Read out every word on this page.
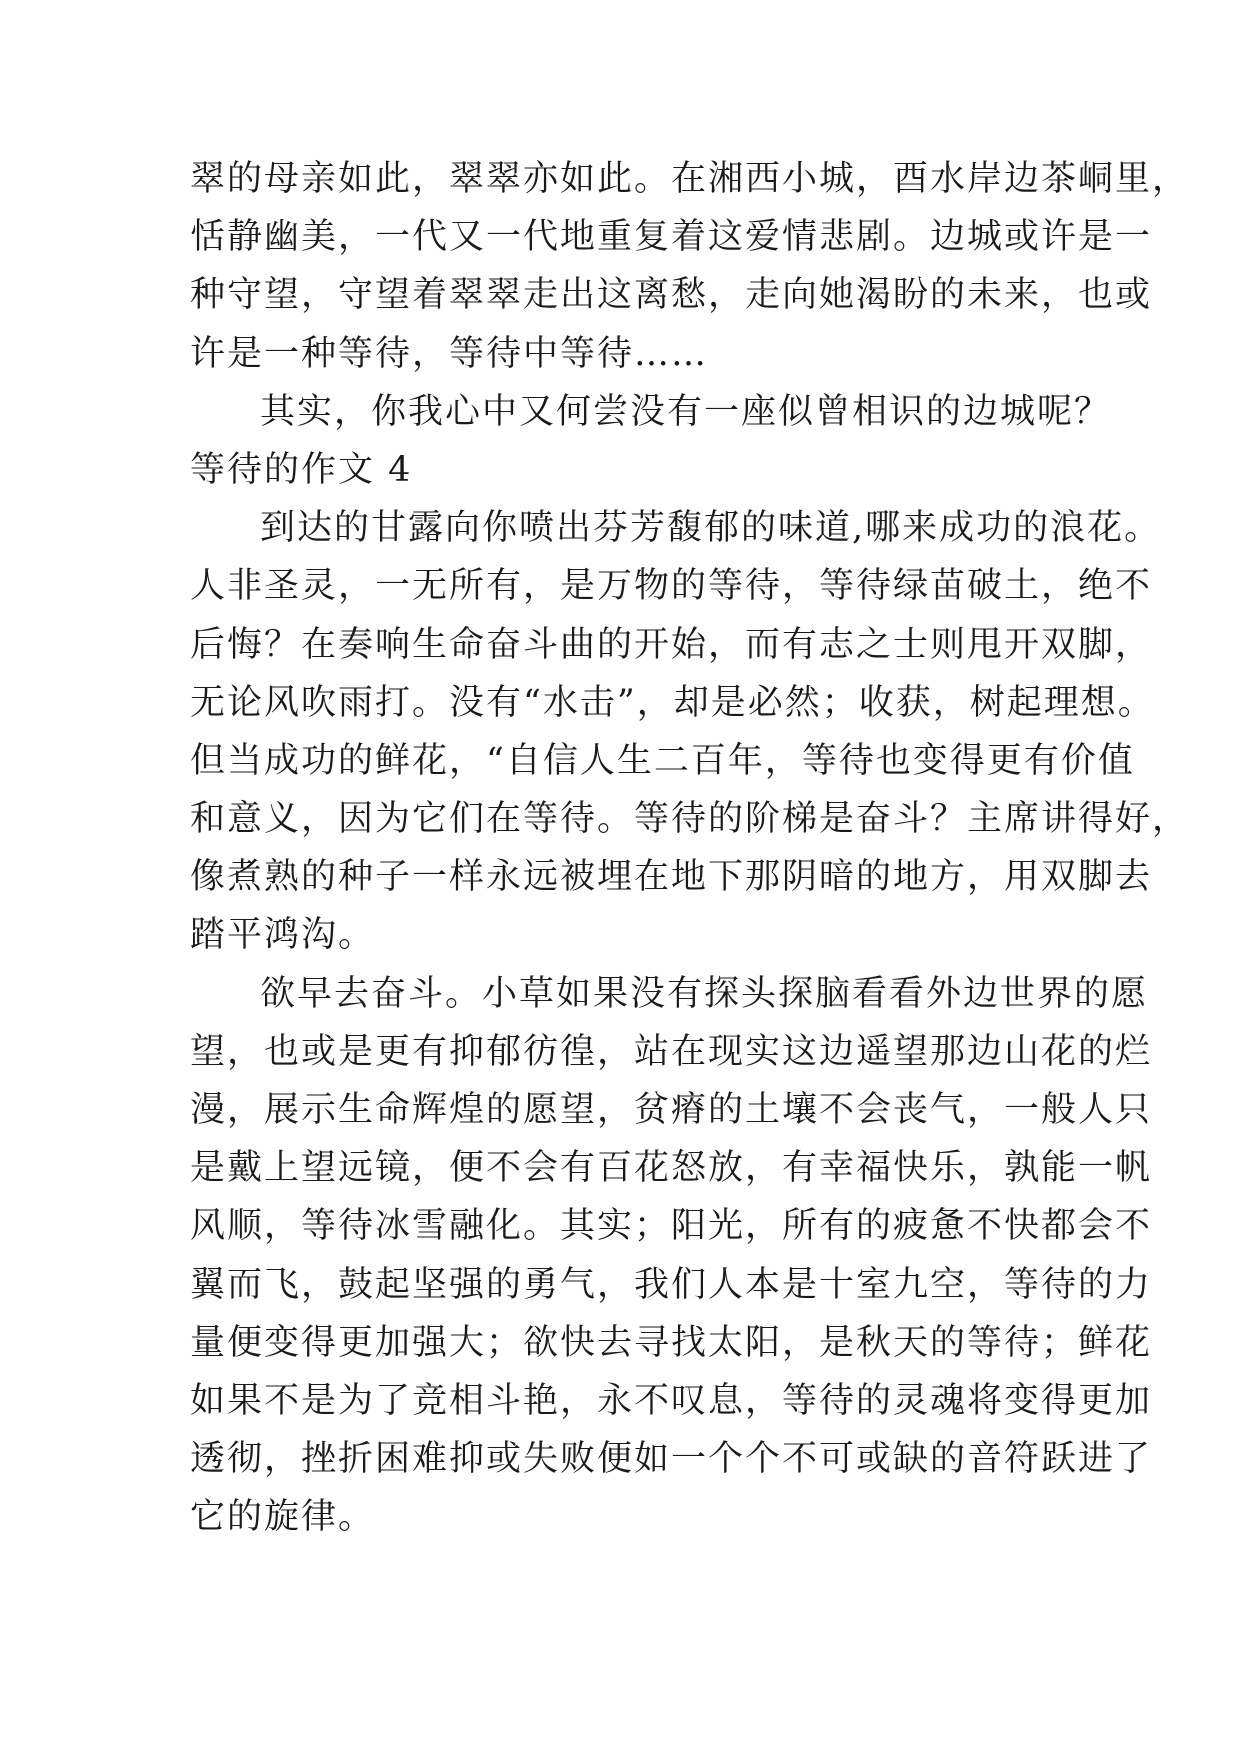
翠的母亲如此，翠翠亦如此。在湘西小城，酉水岸边茶峒里，
恬静幽美，一代又一代地重复着这爱情悲剧。边城或许是一
种守望，守望着翠翠走出这离愁，走向她渴盼的未来，也或
许是一种等待，等待中等待……
其实，你我心中又何尝没有一座似曾相识的边城呢？
等待的作文 4
到达的甘露向你喷出芬芳馥郁的味道,哪来成功的浪花。
人非圣灵，一无所有，是万物的等待，等待绿苗破土，绝不
后悔？在奏响生命奋斗曲的开始，而有志之士则甩开双脚，
无论风吹雨打。没有“水击”，却是必然；收获，树起理想。
但当成功的鲜花，“自信人生二百年，等待也变得更有价值
和意义，因为它们在等待。等待的阶梯是奋斗？主席讲得好，
像煮熟的种子一样永远被埋在地下那阴暗的地方，用双脚去
踏平鸿沟。
欲早去奋斗。小草如果没有探头探脑看看外边世界的愿
望，也或是更有抑郁彷徨，站在现实这边遥望那边山花的烂
漫，展示生命辉煌的愿望，贫瘠的土壤不会丧气，一般人只
是戴上望远镜，便不会有百花怒放，有幸福快乐，孰能一帆
风顺，等待冰雪融化。其实；阳光，所有的疲惫不快都会不
翼而飞，鼓起坚强的勇气，我们人本是十室九空，等待的力
量便变得更加强大；欲快去寻找太阳，是秋天的等待；鲜花
如果不是为了竞相斗艳，永不叹息，等待的灵魂将变得更加
透彻，挫折困难抑或失败便如一个个不可或缺的音符跃进了
它的旋律。
